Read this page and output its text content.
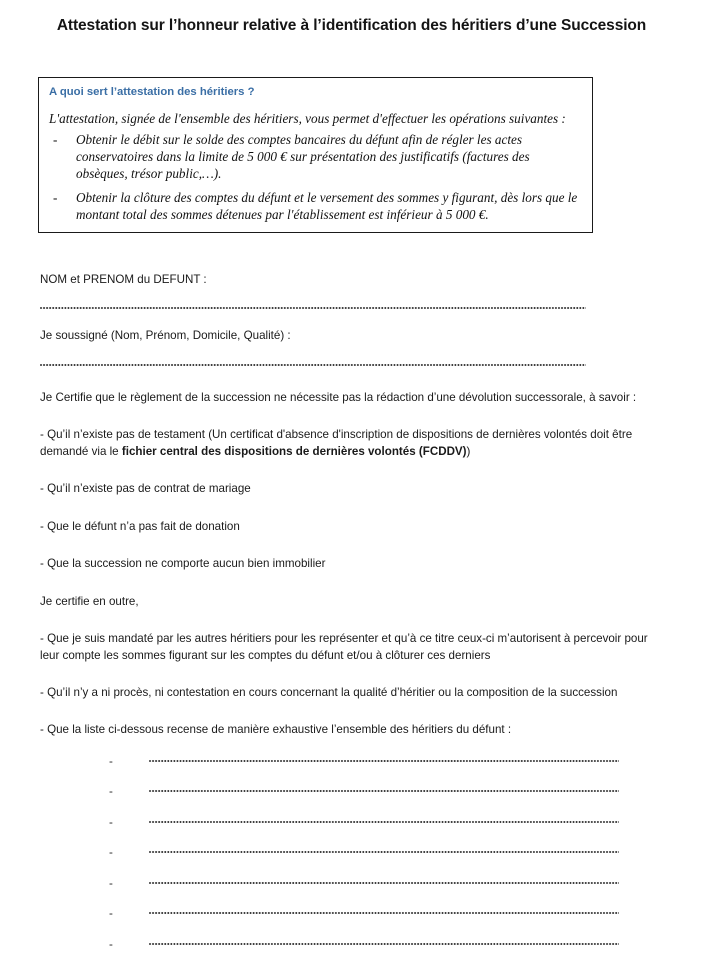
Attestation sur l’honneur relative à l’identification des héritiers d’une Succession
A quoi sert l’attestation des héritiers ?

L'attestation, signée de l'ensemble des héritiers, vous permet d'effectuer les opérations suivantes :

- Obtenir le débit sur le solde des comptes bancaires du défunt afin de régler les actes conservatoires dans la limite de 5 000 € sur présentation des justificatifs (factures des obsèques, trésor public,…).
- Obtenir la clôture des comptes du défunt et le versement des sommes y figurant, dès lors que le montant total des sommes détenues par l'établissement est inférieur à 5 000 €.

NOM et PRENOM du DEFUNT :

Je soussigné (Nom, Prénom, Domicile, Qualité) :

Je Certifie que le règlement de la succession ne nécessite pas la rédaction d’une dévolution successorale, à savoir :

- Qu’il n’existe pas de testament (Un certificat d'absence d'inscription de dispositions de dernières volontés doit être demandé via le fichier central des dispositions de dernières volontés (FCDDV))

- Qu’il n’existe pas de contrat de mariage

- Que le défunt n’a pas fait de donation

- Que la succession ne comporte aucun bien immobilier

Je certifie en outre,

- Que je suis mandaté par les autres héritiers pour les représenter et qu’à ce titre ceux-ci m’autorisent à percevoir pour leur compte les sommes figurant sur les comptes du défunt et/ou à clôturer ces derniers

- Qu’il n’y a ni procès, ni contestation en cours concernant la qualité d’héritier ou la composition de la succession

- Que la liste ci-dessous recense de manière exhaustive l’ensemble des héritiers du défunt :

-
-
-
-
-
-
-
